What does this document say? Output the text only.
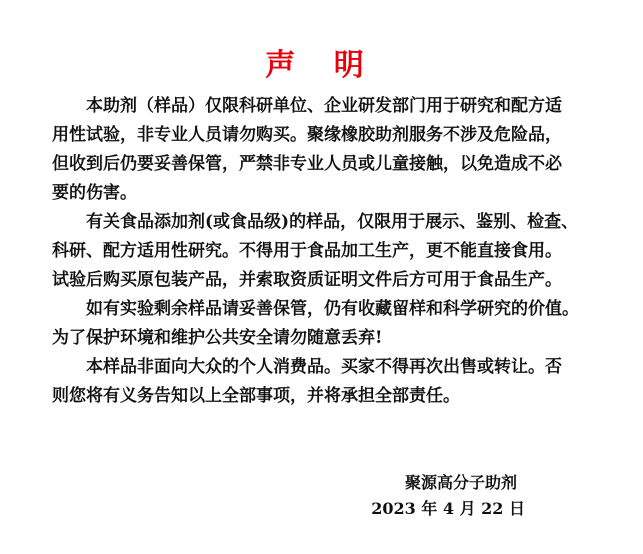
声 明
本助剂（样品）仅限科研单位、企业研发部门用于研究和配方适
用性试验，非专业人员请勿购买。聚缘橡胶助剂服务不涉及危险品，
但收到后仍要妥善保管，严禁非专业人员或儿童接触，以免造成不必
要的伤害。
有关食品添加剂(或食品级)的样品，仅限用于展示、鉴别、检查、
科研、配方适用性研究。不得用于食品加工生产，更不能直接食用。
试验后购买原包装产品，并索取资质证明文件后方可用于食品生产。
如有实验剩余样品请妥善保管，仍有收藏留样和科学研究的价值。
为了保护环境和维护公共安全请勿随意丢弃!
本样品非面向大众的个人消费品。买家不得再次出售或转让。否
则您将有义务告知以上全部事项，并将承担全部责任。
聚源高分子助剂
2023 年 4 月 22 日
